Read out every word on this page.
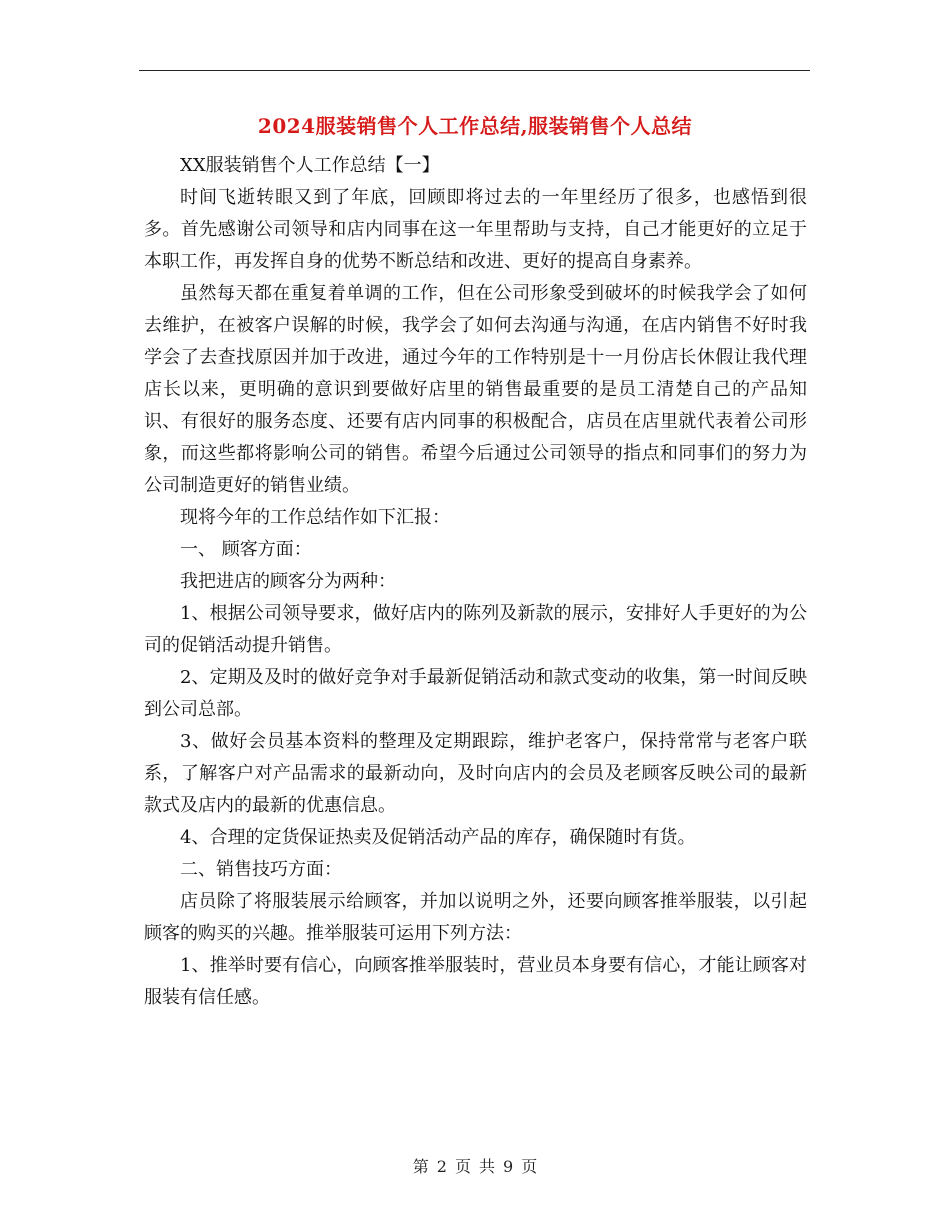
2024服装销售个人工作总结,服装销售个人总结

XX服装销售个人工作总结【一】

时间飞逝转眼又到了年底，回顾即将过去的一年里经历了很多，也感悟到很多。首先感谢公司领导和店内同事在这一年里帮助与支持，自己才能更好的立足于本职工作，再发挥自身的优势不断总结和改进、更好的提高自身素养。

虽然每天都在重复着单调的工作，但在公司形象受到破坏的时候我学会了如何去维护，在被客户误解的时候，我学会了如何去沟通与沟通，在店内销售不好时我学会了去查找原因并加于改进，通过今年的工作特别是十一月份店长休假让我代理店长以来，更明确的意识到要做好店里的销售最重要的是员工清楚自己的产品知识、有很好的服务态度、还要有店内同事的积极配合，店员在店里就代表着公司形象，而这些都将影响公司的销售。希望今后通过公司领导的指点和同事们的努力为公司制造更好的销售业绩。

现将今年的工作总结作如下汇报：

一、 顾客方面：

我把进店的顾客分为两种：

1、根据公司领导要求，做好店内的陈列及新款的展示，安排好人手更好的为公司的促销活动提升销售。

2、定期及及时的做好竞争对手最新促销活动和款式变动的收集，第一时间反映到公司总部。

3、做好会员基本资料的整理及定期跟踪，维护老客户，保持常常与老客户联系，了解客户对产品需求的最新动向，及时向店内的会员及老顾客反映公司的最新款式及店内的最新的优惠信息。

4、合理的定货保证热卖及促销活动产品的库存，确保随时有货。

二、销售技巧方面：

店员除了将服装展示给顾客，并加以说明之外，还要向顾客推举服装，以引起顾客的购买的兴趣。推举服装可运用下列方法：

1、推举时要有信心，向顾客推举服装时，营业员本身要有信心，才能让顾客对服装有信任感。

第 2 页 共 9 页
